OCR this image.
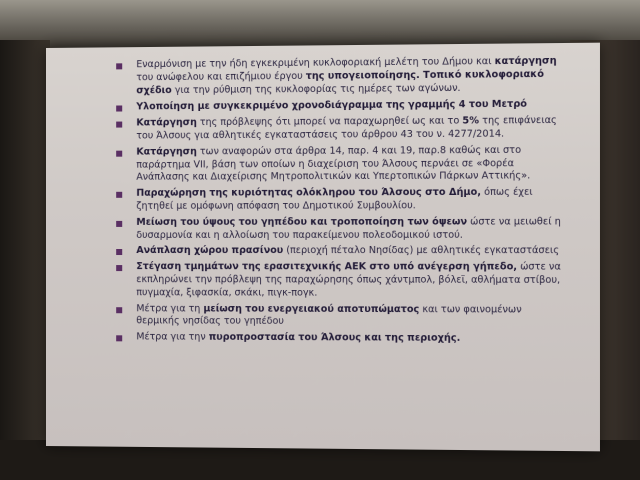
Εναρμόνιση με την ήδη εγκεκριμένη κυκλοφοριακή μελέτη του Δήμου και κατάργηση του ανώφελου και επιζήμιου έργου της υπογειοποίησης. Τοπικό κυκλοφοριακό σχέδιο για την ρύθμιση της κυκλοφορίας τις ημέρες των αγώνων.
Υλοποίηση με συγκεκριμένο χρονοδιάγραμμα της γραμμής 4 του Μετρό
Κατάργηση της πρόβλεψης ότι μπορεί να παραχωρηθεί ως και το 5% της επιφάνειας του Άλσους για αθλητικές εγκαταστάσεις του άρθρου 43 του ν. 4277/2014.
Κατάργηση των αναφορών στα άρθρα 14, παρ. 4 και 19, παρ.8 καθώς και στο παράρτημα VII, βάση των οποίων η διαχείριση του Άλσους περνάει σε «Φορέα Ανάπλασης και Διαχείρισης Μητροπολιτικών και Υπερτοπικών Πάρκων Αττικής».
Παραχώρηση της κυριότητας ολόκληρου του Άλσους στο Δήμο, όπως έχει ζητηθεί με ομόφωνη απόφαση του Δημοτικού Συμβουλίου.
Μείωση του ύψους του γηπέδου και τροποποίηση των όψεων ώστε να μειωθεί η δυσαρμονία και η αλλοίωση του παρακείμενου πολεοδομικού ιστού.
Ανάπλαση χώρου πρασίνου (περιοχή πέταλο Νησίδας) με αθλητικές εγκαταστάσεις
Στέγαση τμημάτων της ερασιτεχνικής ΑΕΚ στο υπό ανέγερση γήπεδο, ώστε να εκπληρώνει την πρόβλεψη της παραχώρησης όπως χάντμπολ, βόλεϊ, αθλήματα στίβου, πυγμαχία, ξιφασκία, σκάκι, πιγκ-πογκ.
Μέτρα για τη μείωση του ενεργειακού αποτυπώματος και των φαινομένων θερμικής νησίδας του γηπέδου
Μέτρα για την πυροπροστασία του Άλσους και της περιοχής.
